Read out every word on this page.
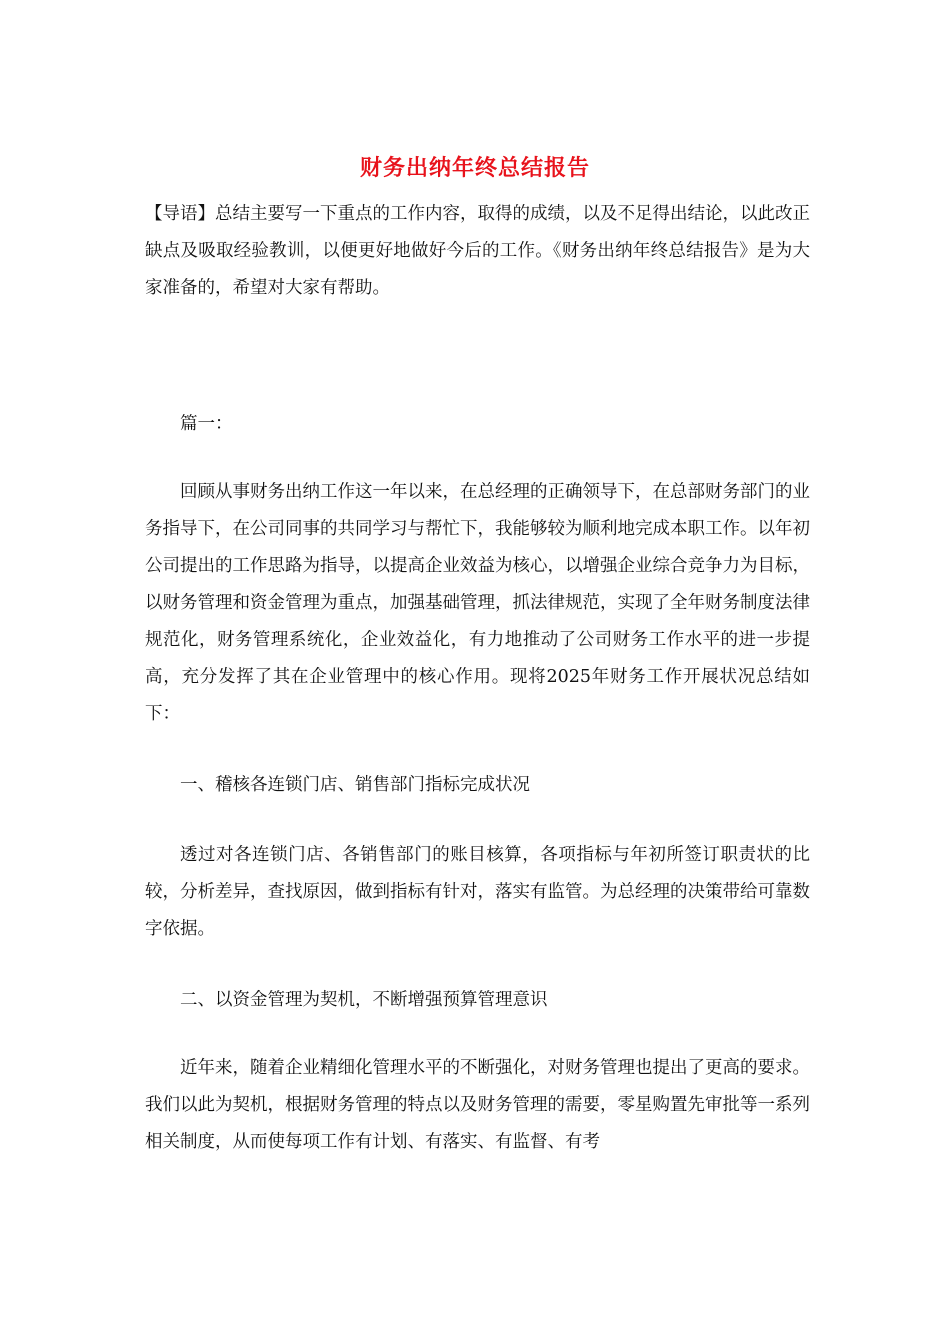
财务出纳年终总结报告
【导语】总结主要写一下重点的工作内容，取得的成绩，以及不足得出结论，以此改正缺点及吸取经验教训，以便更好地做好今后的工作。《财务出纳年终总结报告》是为大家准备的，希望对大家有帮助。
篇一：
回顾从事财务出纳工作这一年以来，在总经理的正确领导下，在总部财务部门的业务指导下，在公司同事的共同学习与帮忙下，我能够较为顺利地完成本职工作。以年初公司提出的工作思路为指导，以提高企业效益为核心，以增强企业综合竞争力为目标，以财务管理和资金管理为重点，加强基础管理，抓法律规范，实现了全年财务制度法律规范化，财务管理系统化，企业效益化，有力地推动了公司财务工作水平的进一步提高，充分发挥了其在企业管理中的核心作用。现将2025年财务工作开展状况总结如下：
一、稽核各连锁门店、销售部门指标完成状况
透过对各连锁门店、各销售部门的账目核算，各项指标与年初所签订职责状的比较，分析差异，查找原因，做到指标有针对，落实有监管。为总经理的决策带给可靠数字依据。
二、以资金管理为契机，不断增强预算管理意识
近年来，随着企业精细化管理水平的不断强化，对财务管理也提出了更高的要求。我们以此为契机，根据财务管理的特点以及财务管理的需要，零星购置先审批等一系列相关制度，从而使每项工作有计划、有落实、有监督、有考
